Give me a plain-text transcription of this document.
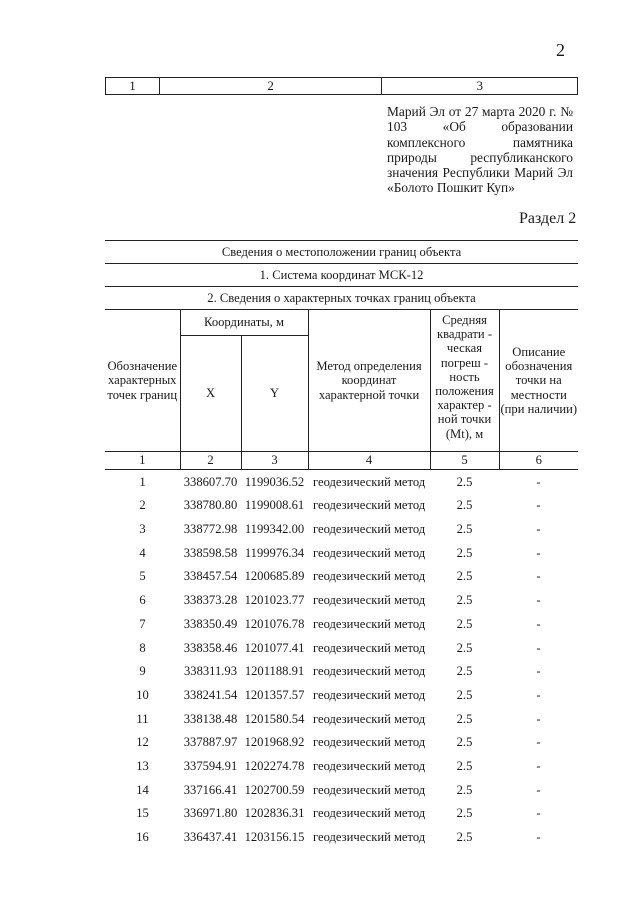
2
1	2	3
Марий Эл от 27 марта 2020 г. № 103 «Об образовании комплексного памятника природы республиканского значения Республики Марий Эл «Болото Пошкит Куп»
Раздел 2
Сведения о местоположении границ объекта					
1. Система координат МСК-12					
2. Сведения о характерных точках границ объекта					
Обозначение характерных точек границ	Координаты, м		Метод определения координат характерной точки	Средняя квадрати - ческая погреш - ность положения характер - ной точки (Mt), м	Описание обозначения точки на местности (при наличии)
	X	Y			
1	2	3	4	5	6
1	338607.70	1199036.52	геодезический метод	2.5	-
2	338780.80	1199008.61	геодезический метод	2.5	-
3	338772.98	1199342.00	геодезический метод	2.5	-
4	338598.58	1199976.34	геодезический метод	2.5	-
5	338457.54	1200685.89	геодезический метод	2.5	-
6	338373.28	1201023.77	геодезический метод	2.5	-
7	338350.49	1201076.78	геодезический метод	2.5	-
8	338358.46	1201077.41	геодезический метод	2.5	-
9	338311.93	1201188.91	геодезический метод	2.5	-
10	338241.54	1201357.57	геодезический метод	2.5	-
11	338138.48	1201580.54	геодезический метод	2.5	-
12	337887.97	1201968.92	геодезический метод	2.5	-
13	337594.91	1202274.78	геодезический метод	2.5	-
14	337166.41	1202700.59	геодезический метод	2.5	-
15	336971.80	1202836.31	геодезический метод	2.5	-
16	336437.41	1203156.15	геодезический метод	2.5	-
